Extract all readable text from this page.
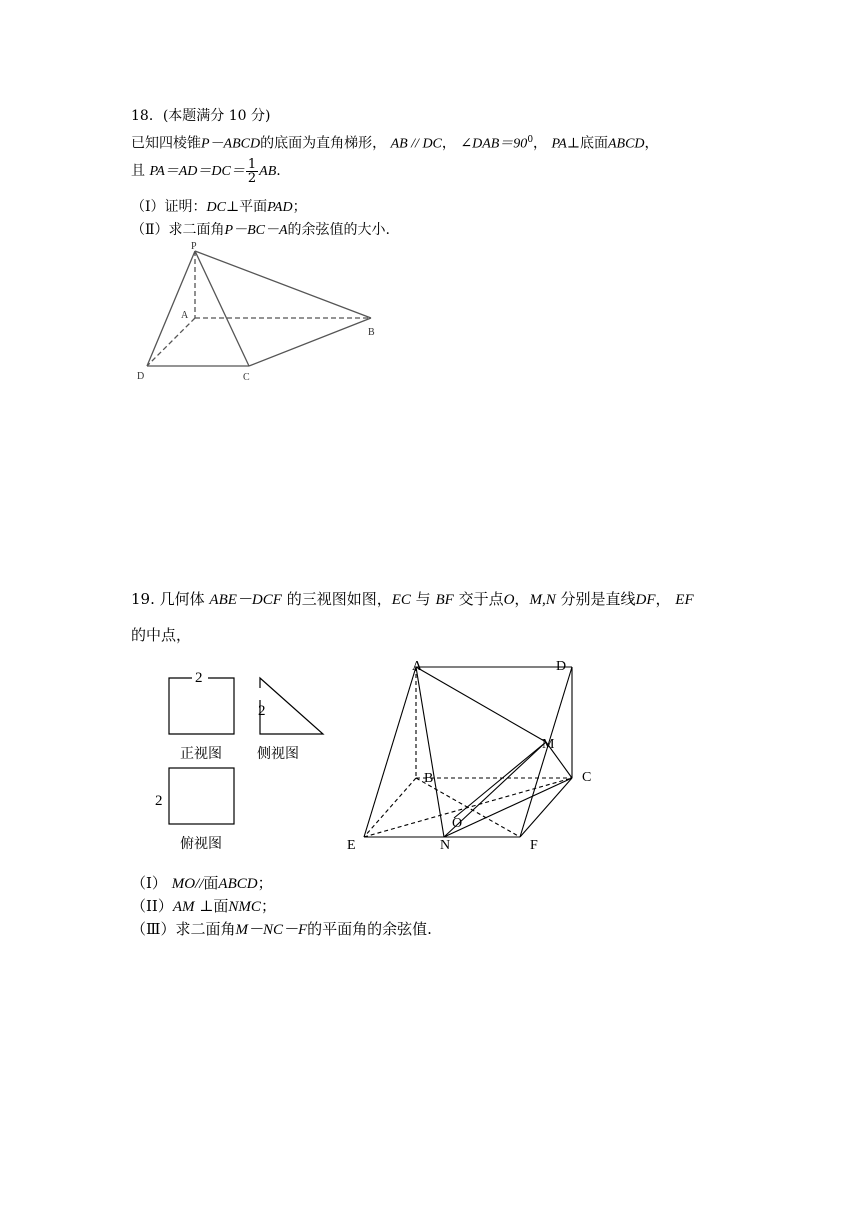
18．(本题满分 10 分)
已知四棱锥P－ABCD的底面为直角梯形， AB // DC， $\angle DAB=90^0$， PA⊥底面ABCD，
且 $PA=AD=DC= \frac{1}{2}$ AB.
（Ⅰ）证明：DC⊥平面PAD；
（Ⅱ）求二面角P－BC－A的余弦值的大小.
P
A
B
C
D
19. 几何体 ABE－DCF 的三视图如图，EC 与 BF 交于点O，M,N 分别是直线DF， EF
的中点，
2
2
2
正视图	侧视图
俯视图
A	D
M
B	C
O
E	N	F
（I） MO//面ABCD；
（II）AM ⊥面NMC；
（Ⅲ）求二面角M－NC－F的平面角的余弦值.
